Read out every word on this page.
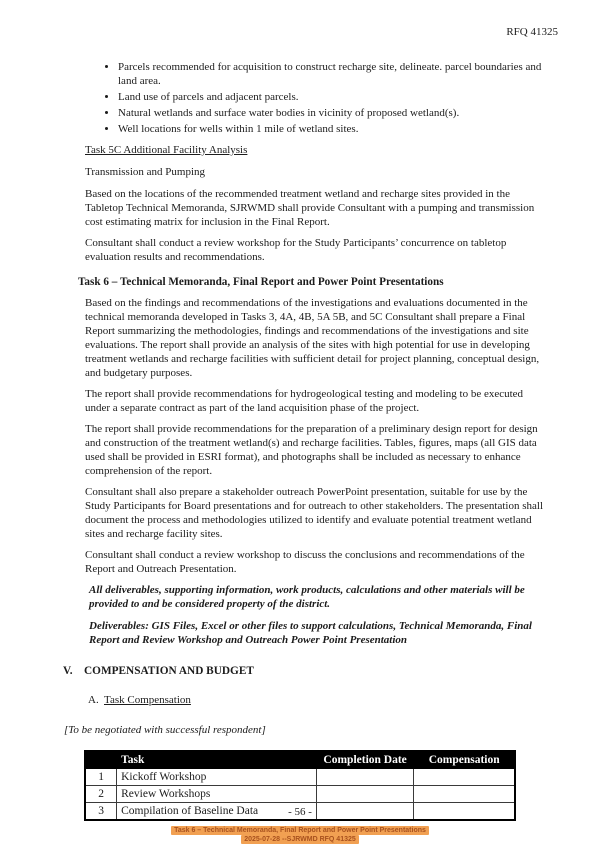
RFQ 41325
• Parcels recommended for acquisition to construct recharge site, delineate. parcel boundaries and land area.
• Land use of parcels and adjacent parcels.
• Natural wetlands and surface water bodies in vicinity of proposed wetland(s).
• Well locations for wells within 1 mile of wetland sites.
Task 5C Additional Facility Analysis
Transmission and Pumping

Based on the locations of the recommended treatment wetland and recharge sites provided in the Tabletop Technical Memoranda, SJRWMD shall provide Consultant with a pumping and transmission cost estimating matrix for inclusion in the Final Report.

Consultant shall conduct a review workshop for the Study Participants’ concurrence on tabletop evaluation results and recommendations.

Task 6 – Technical Memoranda, Final Report and Power Point Presentations

Based on the findings and recommendations of the investigations and evaluations documented in the technical memoranda developed in Tasks 3, 4A, 4B, 5A 5B, and 5C Consultant shall prepare a Final Report summarizing the methodologies, findings and recommendations of the investigations and site evaluations. The report shall provide an analysis of the sites with high potential for use in developing treatment wetlands and recharge facilities with sufficient detail for project planning, conceptual design, and budgetary purposes.

The report shall provide recommendations for hydrogeological testing and modeling to be executed under a separate contract as part of the land acquisition phase of the project.

The report shall provide recommendations for the preparation of a preliminary design report for design and construction of the treatment wetland(s) and recharge facilities. Tables, figures, maps (all GIS data used shall be provided in ESRI format), and photographs shall be included as necessary to enhance comprehension of the report.

Consultant shall also prepare a stakeholder outreach PowerPoint presentation, suitable for use by the Study Participants for Board presentations and for outreach to other stakeholders. The presentation shall document the process and methodologies utilized to identify and evaluate potential treatment wetland sites and recharge facility sites.

Consultant shall conduct a review workshop to discuss the conclusions and recommendations of the Report and Outreach Presentation.

All deliverables, supporting information, work products, calculations and other materials will be provided to and be considered property of the district.

Deliverables: GIS Files, Excel or other files to support calculations, Technical Memoranda, Final Report and Review Workshop and Outreach Power Point Presentation

V. COMPENSATION AND BUDGET
A. Task Compensation
[To be negotiated with successful respondent]
	Task	Completion Date	Compensation
1	Kickoff Workshop		
2	Review Workshops		
3	Compilation of Baseline Data			- 56 -
Task 6 – Technical Memoranda, Final Report and Power Point Presentations
2025-07-28 --SJRWMD RFQ 41325
